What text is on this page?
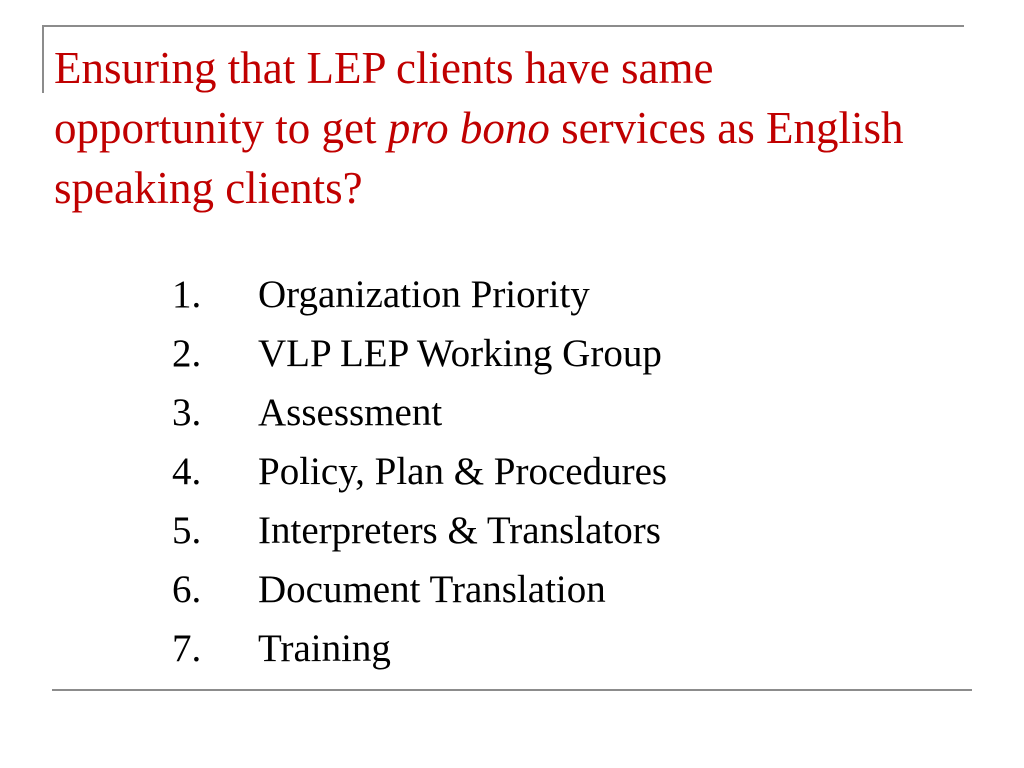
Ensuring that LEP clients have same opportunity to get pro bono services as English speaking clients?
1.	Organization Priority
2.	VLP LEP Working Group
3.	Assessment
4.	Policy, Plan & Procedures
5.	Interpreters & Translators
6.	Document Translation
7.	Training
